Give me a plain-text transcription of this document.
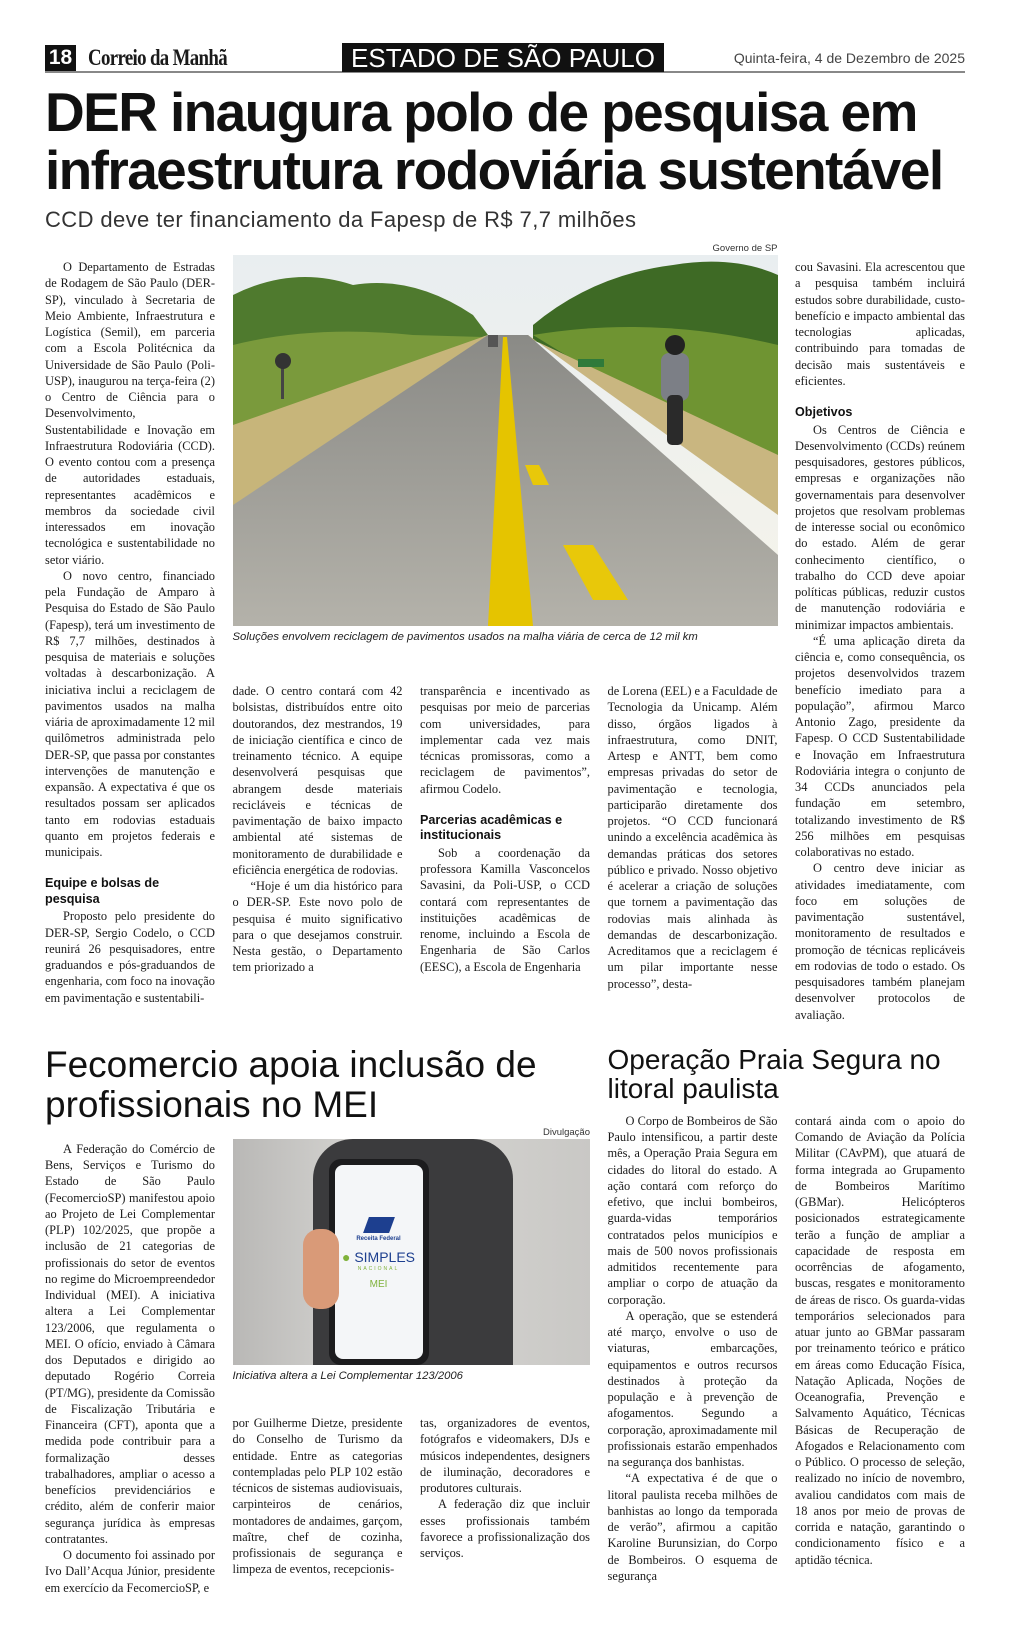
18 Correio da Manhã	ESTADO DE SÃO PAULO	Quinta-feira, 4 de Dezembro de 2025
DER inaugura polo de pesquisa em infraestrutura rodoviária sustentável
CCD deve ter financiamento da Fapesp de R$ 7,7 milhões

O Departamento de Estradas de Rodagem de São Paulo (DER-SP), vinculado à Secretaria de Meio Ambiente, Infraestrutura e Logística (Semil), em parceria com a Escola Politécnica da Universidade de São Paulo (Poli-USP), inaugurou na terça-feira (2) o Centro de Ciência para o Desenvolvimento, Sustentabilidade e Inovação em Infraestrutura Rodoviária (CCD). O evento contou com a presença de autoridades estaduais, representantes acadêmicos e membros da sociedade civil interessados em inovação tecnológica e sustentabilidade no setor viário.

O novo centro, financiado pela Fundação de Amparo à Pesquisa do Estado de São Paulo (Fapesp), terá um investimento de R$ 7,7 milhões, destinados à pesquisa de materiais e soluções voltadas à descarbonização. A iniciativa inclui a reciclagem de pavimentos usados na malha viária de aproximadamente 12 mil quilômetros administrada pelo DER-SP, que passa por constantes intervenções de manutenção e expansão. A expectativa é que os resultados possam ser aplicados tanto em rodovias estaduais quanto em projetos federais e municipais.

Equipe e bolsas de pesquisa

Proposto pelo presidente do DER-SP, Sergio Codelo, o CCD reunirá 26 pesquisadores, entre graduandos e pós-graduandos de engenharia, com foco na inovação em pavimentação e sustentabili-

Governo de SP
Soluções envolvem reciclagem de pavimentos usados na malha viária de cerca de 12 mil km

dade. O centro contará com 42 bolsistas, distribuídos entre oito doutorandos, dez mestrandos, 19 de iniciação científica e cinco de treinamento técnico. A equipe desenvolverá pesquisas que abrangem desde materiais recicláveis e técnicas de pavimentação de baixo impacto ambiental até sistemas de monitoramento de durabilidade e eficiência energética de rodovias.

“Hoje é um dia histórico para o DER-SP. Este novo polo de pesquisa é muito significativo para o que desejamos construir. Nesta gestão, o Departamento tem priorizado a

transparência e incentivado as pesquisas por meio de parcerias com universidades, para implementar cada vez mais técnicas promissoras, como a reciclagem de pavimentos”, afirmou Codelo.

Parcerias acadêmicas e institucionais

Sob a coordenação da professora Kamilla Vasconcelos Savasini, da Poli-USP, o CCD contará com representantes de instituições acadêmicas de renome, incluindo a Escola de Engenharia de São Carlos (EESC), a Escola de Engenharia

de Lorena (EEL) e a Faculdade de Tecnologia da Unicamp. Além disso, órgãos ligados à infraestrutura, como DNIT, Artesp e ANTT, bem como empresas privadas do setor de pavimentação e tecnologia, participarão diretamente dos projetos. “O CCD funcionará unindo a excelência acadêmica às demandas práticas dos setores público e privado. Nosso objetivo é acelerar a criação de soluções que tornem a pavimentação das rodovias mais alinhada às demandas de descarbonização. Acreditamos que a reciclagem é um pilar importante nesse processo”, desta-

cou Savasini. Ela acrescentou que a pesquisa também incluirá estudos sobre durabilidade, custo-benefício e impacto ambiental das tecnologias aplicadas, contribuindo para tomadas de decisão mais sustentáveis e eficientes.

Objetivos

Os Centros de Ciência e Desenvolvimento (CCDs) reúnem pesquisadores, gestores públicos, empresas e organizações não governamentais para desenvolver projetos que resolvam problemas de interesse social ou econômico do estado. Além de gerar conhecimento científico, o trabalho do CCD deve apoiar políticas públicas, reduzir custos de manutenção rodoviária e minimizar impactos ambientais.

“É uma aplicação direta da ciência e, como consequência, os projetos desenvolvidos trazem benefício imediato para a população”, afirmou Marco Antonio Zago, presidente da Fapesp. O CCD Sustentabilidade e Inovação em Infraestrutura Rodoviária integra o conjunto de 34 CCDs anunciados pela fundação em setembro, totalizando investimento de R$ 256 milhões em pesquisas colaborativas no estado.

O centro deve iniciar as atividades imediatamente, com foco em soluções de pavimentação sustentável, monitoramento de resultados e promoção de técnicas replicáveis em rodovias de todo o estado. Os pesquisadores também planejam desenvolver protocolos de avaliação.

Fecomercio apoia inclusão de profissionais no MEI

A Federação do Comércio de Bens, Serviços e Turismo do Estado de São Paulo (FecomercioSP) manifestou apoio ao Projeto de Lei Complementar (PLP) 102/2025, que propõe a inclusão de 21 categorias de profissionais do setor de eventos no regime do Microempreendedor Individual (MEI). A iniciativa altera a Lei Complementar 123/2006, que regulamenta o MEI. O ofício, enviado à Câmara dos Deputados e dirigido ao deputado Rogério Correia (PT/MG), presidente da Comissão de Fiscalização Tributária e Financeira (CFT), aponta que a medida pode contribuir para a formalização desses trabalhadores, ampliar o acesso a benefícios previdenciários e crédito, além de conferir maior segurança jurídica às empresas contratantes.

O documento foi assinado por Ivo Dall’Acqua Júnior, presidente em exercício da FecomercioSP, e

Divulgação
Receita Federal
● SIMPLES
NACIONAL
MEI
Iniciativa altera a Lei Complementar 123/2006

por Guilherme Dietze, presidente do Conselho de Turismo da entidade. Entre as categorias contempladas pelo PLP 102 estão técnicos de sistemas audiovisuais, carpinteiros de cenários, montadores de andaimes, garçom, maître, chef de cozinha, profissionais de segurança e limpeza de eventos, recepcionis-

tas, organizadores de eventos, fotógrafos e videomakers, DJs e músicos independentes, designers de iluminação, decoradores e produtores culturais.

A federação diz que incluir esses profissionais também favorece a profissionalização dos serviços.

Operação Praia Segura no litoral paulista

O Corpo de Bombeiros de São Paulo intensificou, a partir deste mês, a Operação Praia Segura em cidades do litoral do estado. A ação contará com reforço do efetivo, que inclui bombeiros, guarda-vidas temporários contratados pelos municípios e mais de 500 novos profissionais admitidos recentemente para ampliar o corpo de atuação da corporação.

A operação, que se estenderá até março, envolve o uso de viaturas, embarcações, equipamentos e outros recursos destinados à proteção da população e à prevenção de afogamentos. Segundo a corporação, aproximadamente mil profissionais estarão empenhados na segurança dos banhistas.

“A expectativa é de que o litoral paulista receba milhões de banhistas ao longo da temporada de verão”, afirmou a capitão Karoline Burunsizian, do Corpo de Bombeiros. O esquema de segurança

contará ainda com o apoio do Comando de Aviação da Polícia Militar (CAvPM), que atuará de forma integrada ao Grupamento de Bombeiros Marítimo (GBMar). Helicópteros posicionados estrategicamente terão a função de ampliar a capacidade de resposta em ocorrências de afogamento, buscas, resgates e monitoramento de áreas de risco. Os guarda-vidas temporários selecionados para atuar junto ao GBMar passaram por treinamento teórico e prático em áreas como Educação Física, Natação Aplicada, Noções de Oceanografia, Prevenção e Salvamento Aquático, Técnicas Básicas de Recuperação de Afogados e Relacionamento com o Público. O processo de seleção, realizado no início de novembro, avaliou candidatos com mais de 18 anos por meio de provas de corrida e natação, garantindo o condicionamento físico e a aptidão técnica.
